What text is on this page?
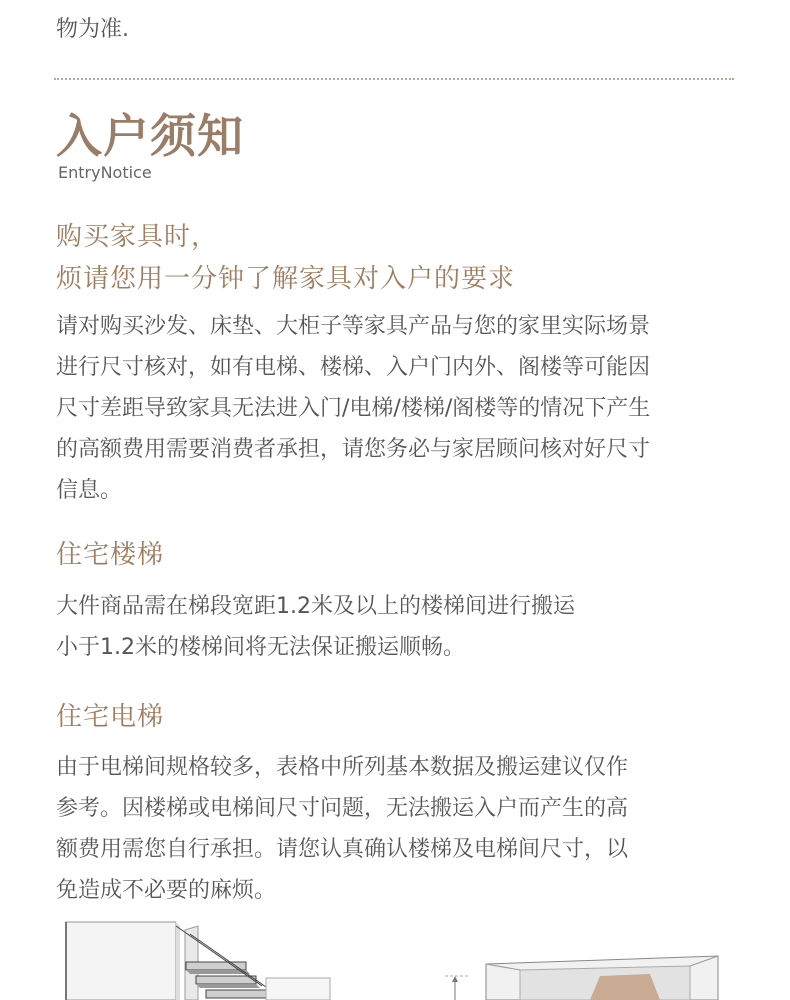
物为准.
入户须知
EntryNotice
购买家具时，
烦请您用一分钟了解家具对入户的要求
请对购买沙发、床垫、大柜子等家具产品与您的家里实际场景
进行尺寸核对，如有电梯、楼梯、入户门内外、阁楼等可能因
尺寸差距导致家具无法进入门/电梯/楼梯/阁楼等的情况下产生
的高额费用需要消费者承担，请您务必与家居顾问核对好尺寸
信息。
住宅楼梯
大件商品需在梯段宽距1.2米及以上的楼梯间进行搬运
小于1.2米的楼梯间将无法保证搬运顺畅。
住宅电梯
由于电梯间规格较多，表格中所列基本数据及搬运建议仅作
参考。因楼梯或电梯间尺寸问题，无法搬运入户而产生的高
额费用需您自行承担。请您认真确认楼梯及电梯间尺寸，以
免造成不必要的麻烦。
